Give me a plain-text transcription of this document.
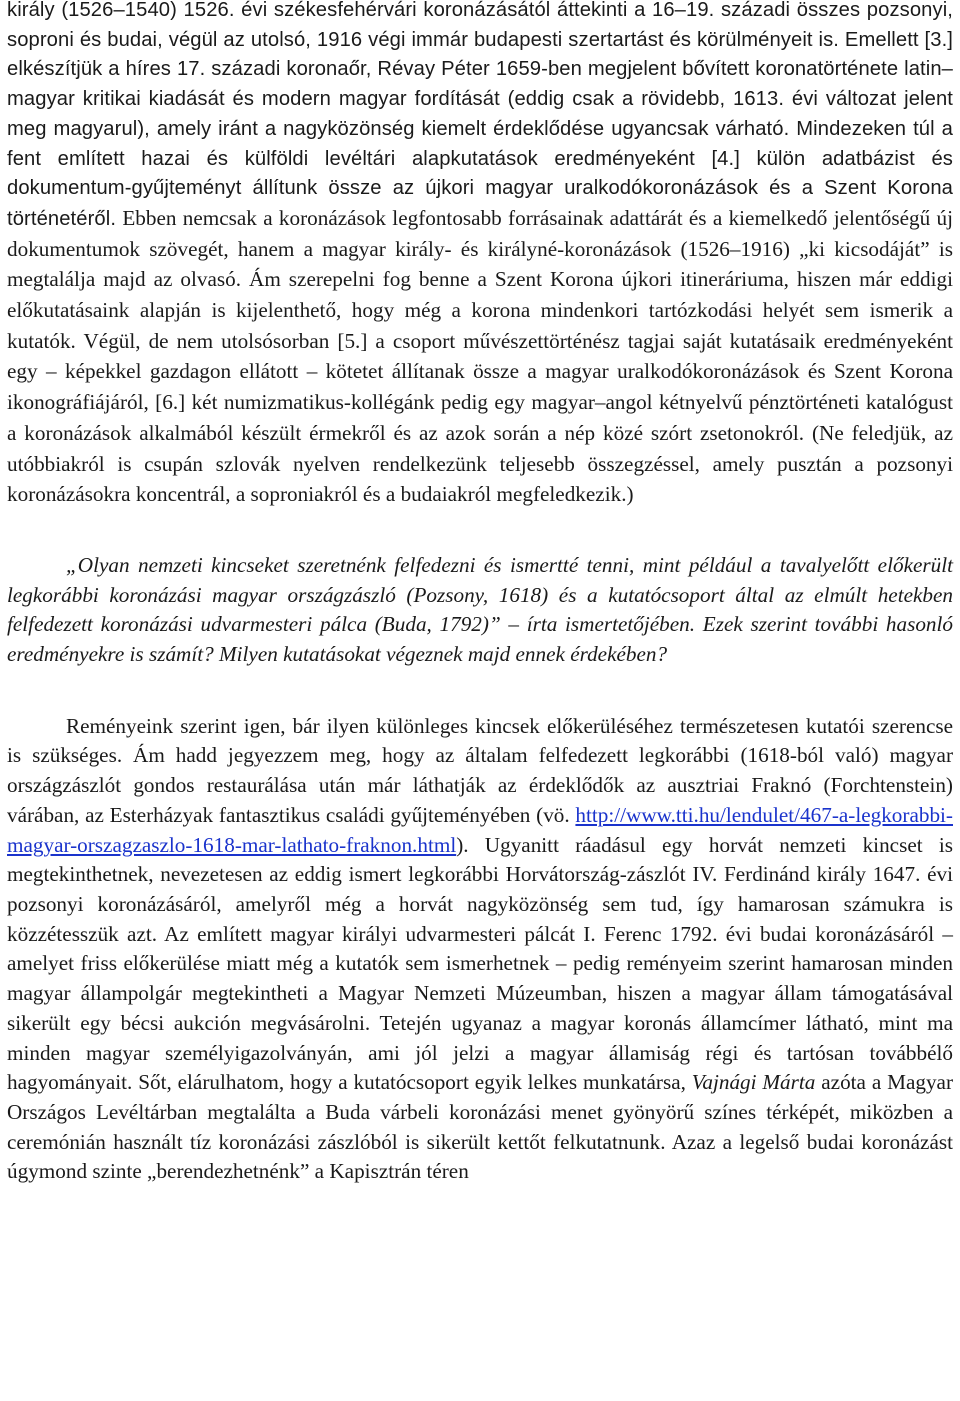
király (1526–1540) 1526. évi székesfehérvári koronázásától áttekinti a 16–19. századi összes pozsonyi, soproni és budai, végül az utolsó, 1916 végi immár budapesti szertartást és körülményeit is. Emellett [3.] elkészítjük a híres 17. századi koronaőr, Révay Péter 1659-ben megjelent bővített koronatörténete latin–magyar kritikai kiadását és modern magyar fordítását (eddig csak a rövidebb, 1613. évi változat jelent meg magyarul), amely iránt a nagyközönség kiemelt érdeklődése ugyancsak várható. Mindezeken túl a fent említett hazai és külföldi levéltári alapkutatások eredményeként [4.] külön adatbázist és dokumentum-gyűjteményt állítunk össze az újkori magyar uralkodókoronázások és a Szent Korona történetéről. Ebben nemcsak a koronázások legfontosabb forrásainak adattárát és a kiemelkedő jelentőségű új dokumentumok szövegét, hanem a magyar király- és királyné-koronázások (1526–1916) „ki kicsodáját” is megtalálja majd az olvasó. Ám szerepelni fog benne a Szent Korona újkori itineráriuma, hiszen már eddigi előkutatásaink alapján is kijelenthető, hogy még a korona mindenkori tartózkodási helyét sem ismerik a kutatók. Végül, de nem utolsósorban [5.] a csoport művészettörténész tagjai saját kutatásaik eredményeként egy – képekkel gazdagon ellátott – kötetet állítanak össze a magyar uralkodókoronázások és Szent Korona ikonográfiájáról, [6.] két numizmatikus-kollégánk pedig egy magyar–angol kétnyelvű pénztörténeti katalógust a koronázások alkalmából készült érmekről és az azok során a nép közé szórt zsetonokról. (Ne feledjük, az utóbbiakról is csupán szlovák nyelven rendelkezünk teljesebb összegzéssel, amely pusztán a pozsonyi koronázásokra koncentrál, a soproniakról és a budaiakról megfeledkezik.)

„Olyan nemzeti kincseket szeretnénk felfedezni és ismertté tenni, mint például a tavalyelőtt előkerült legkorábbi koronázási magyar országzászló (Pozsony, 1618) és a kutatócsoport által az elmúlt hetekben felfedezett koronázási udvarmesteri pálca (Buda, 1792)” – írta ismertetőjében. Ezek szerint további hasonló eredményekre is számít? Milyen kutatásokat végeznek majd ennek érdekében?

Reményeink szerint igen, bár ilyen különleges kincsek előkerüléséhez természetesen kutatói szerencse is szükséges. Ám hadd jegyezzem meg, hogy az általam felfedezett legkorábbi (1618-ból való) magyar országzászlót gondos restaurálása után már láthatják az érdeklődők az ausztriai Fraknó (Forchtenstein) várában, az Esterházyak fantasztikus családi gyűjteményében (vö. http://www.tti.hu/lendulet/467-a-legkorabbi-magyar-orszagzaszlo-1618-mar-lathato-fraknon.html). Ugyanitt ráadásul egy horvát nemzeti kincset is megtekinthetnek, nevezetesen az eddig ismert legkorábbi Horvátország-zászlót IV. Ferdinánd király 1647. évi pozsonyi koronázásáról, amelyről még a horvát nagyközönség sem tud, így hamarosan számukra is közzétesszük azt. Az említett magyar királyi udvarmesteri pálcát I. Ferenc 1792. évi budai koronázásáról – amelyet friss előkerülése miatt még a kutatók sem ismerhetnek – pedig reményeim szerint hamarosan minden magyar állampolgár megtekintheti a Magyar Nemzeti Múzeumban, hiszen a magyar állam támogatásával sikerült egy bécsi aukción megvásárolni. Tetején ugyanaz a magyar koronás államcímer látható, mint ma minden magyar személyigazolványán, ami jól jelzi a magyar államiság régi és tartósan továbbélő hagyományait. Sőt, elárulhatom, hogy a kutatócsoport egyik lelkes munkatársa, Vajnági Márta azóta a Magyar Országos Levéltárban megtalálta a Buda várbeli koronázási menet gyönyörű színes térképét, miközben a ceremónián használt tíz koronázási zászlóból is sikerült kettőt felkutatnunk. Azaz a legelső budai koronázást úgymond szinte „berendezhetnénk” a Kapisztrán téren
